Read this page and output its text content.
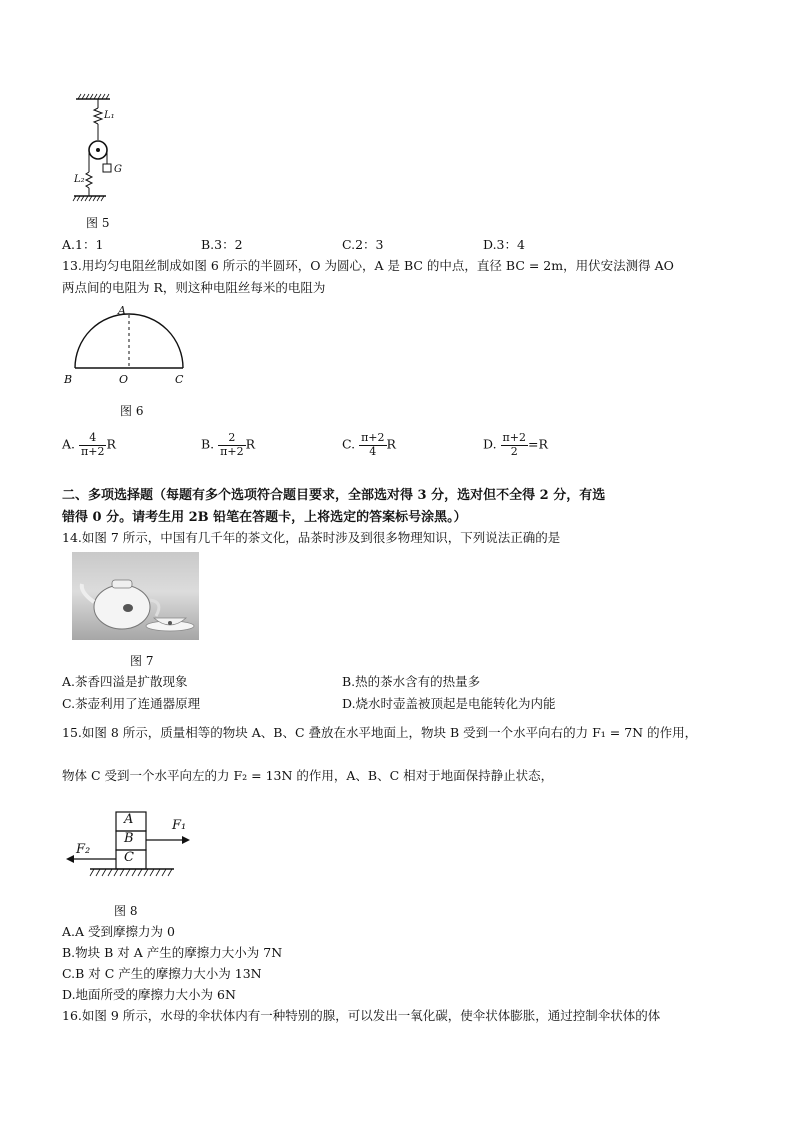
L₁
L₂
G
图 5
A.1：1	B.3：2	C.2：3	D.3：4
13.用均匀电阻丝制成如图 6 所示的半圆环，O 为圆心，A 是 BC 的中点，直径 BC = 2m，用伏安法测得 AO
两点间的电阻为 R，则这种电阻丝每米的电阻为
A
B	O	C
图 6
A. $\frac{4}{\pi+2}$ R	B. $\frac{2}{\pi+2}$ R	C. $\frac{\pi+2}{4}$ R	D. $\frac{\pi+2}{2} =R$
二、多项选择题（每题有多个选项符合题目要求，全部选对得 3 分，选对但不全得 2 分，有选
错得 0 分。请考生用 2B 铅笔在答题卡，上将选定的答案标号涂黑。）
14.如图 7 所示，中国有几千年的茶文化，品茶时涉及到很多物理知识，下列说法正确的是
图 7
A.茶香四溢是扩散现象	B.热的茶水含有的热量多
C.茶壶利用了连通器原理	D.烧水时壶盖被顶起是电能转化为内能
15.如图 8 所示，质量相等的物块 A、B、C 叠放在水平地面上，物块 B 受到一个水平向右的力 F₁ = 7N 的作用，
物体 C 受到一个水平向左的力 F₂ = 13N 的作用，A、B、C 相对于地面保持静止状态，
A
B
C
F₁
F₂
图 8
A.A 受到摩擦力为 0
B.物块 B 对 A 产生的摩擦力大小为 7N
C.B 对 C 产生的摩擦力大小为 13N
D.地面所受的摩擦力大小为 6N
16.如图 9 所示，水母的伞状体内有一种特别的腺，可以发出一氧化碳，使伞状体膨胀，通过控制伞状体的体
